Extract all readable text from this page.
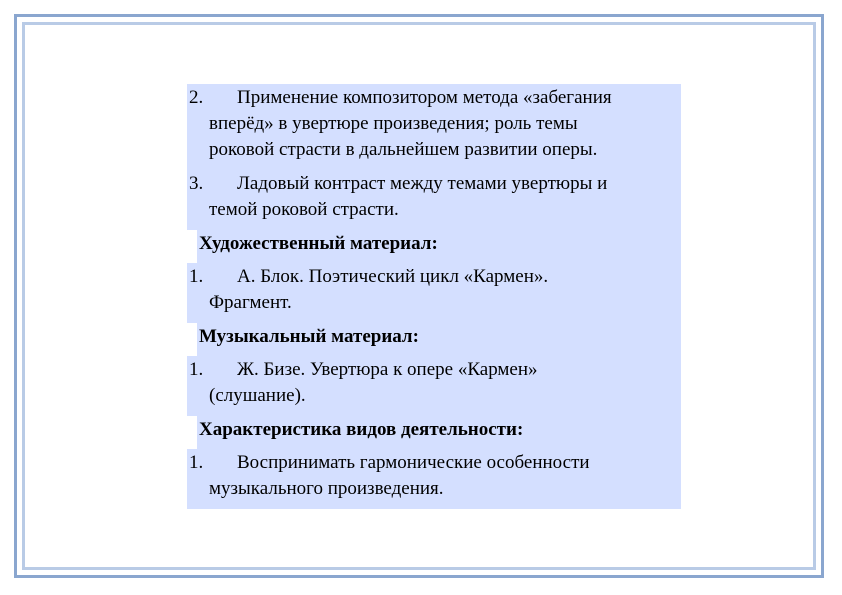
2.	Применение композитором метода «забегания
вперёд» в увертюре произведения; роль темы
роковой страсти в дальнейшем развитии оперы.
3.	Ладовый контраст между темами увертюры и
темой роковой страсти.
Художественный материал:
1.	А. Блок. Поэтический цикл «Кармен».
Фрагмент.
Музыкальный материал:
1.	Ж. Бизе. Увертюра к опере «Кармен»
(слушание).
Характеристика видов деятельности:
1.	Воспринимать гармонические особенности
музыкального произведения.
